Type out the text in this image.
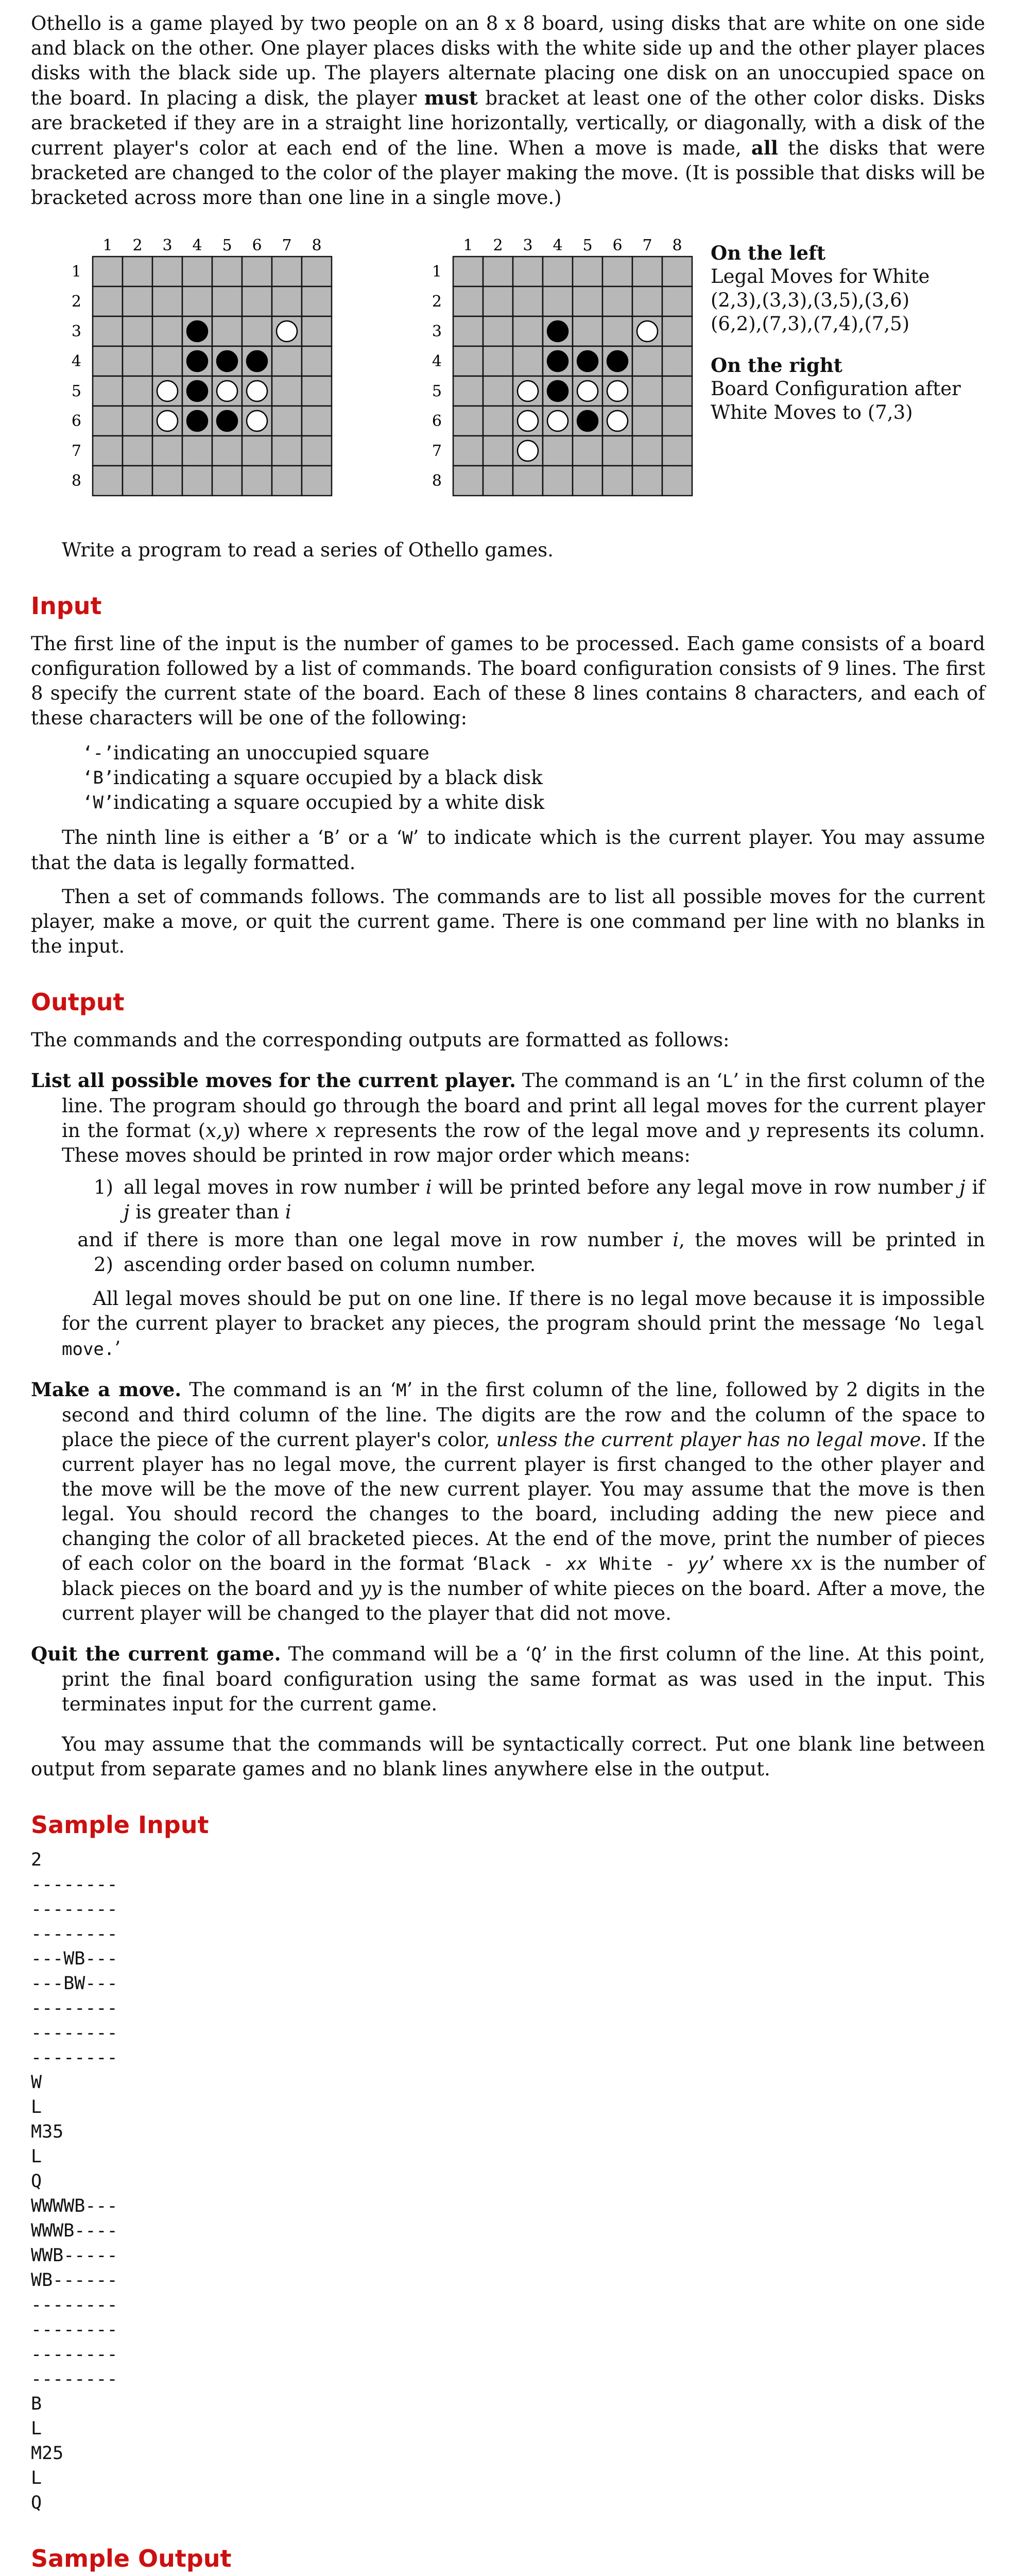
Othello is a game played by two people on an 8 x 8 board, using disks that are white on one side and black on the other. One player places disks with the white side up and the other player places disks with the black side up. The players alternate placing one disk on an unoccupied space on the board. In placing a disk, the player must bracket at least one of the other color disks. Disks are bracketed if they are in a straight line horizontally, vertically, or diagonally, with a disk of the current player's color at each end of the line. When a move is made, all the disks that were bracketed are changed to the color of the player making the move. (It is possible that disks will be bracketed across more than one line in a single move.)

1 2 3 4 5 6 7 8
1
2
3
4
5
6
7
8
1 2 3 4 5 6 7 8
1
2
3
4
5
6
7
8
On the left
Legal Moves for White
(2,3),(3,3),(3,5),(3,6)
(6,2),(7,3),(7,4),(7,5)
On the right
Board Configuration after
White Moves to (7,3)

Write a program to read a series of Othello games.

Input

The first line of the input is the number of games to be processed. Each game consists of a board configuration followed by a list of commands. The board configuration consists of 9 lines. The first 8 specify the current state of the board. Each of these 8 lines contains 8 characters, and each of these characters will be one of the following:

‘-’
indicating an unoccupied square
‘B’
indicating a square occupied by a black disk
‘W’
indicating a square occupied by a white disk

The ninth line is either a ‘B’ or a ‘W’ to indicate which is the current player. You may assume that the data is legally formatted.

Then a set of commands follows. The commands are to list all possible moves for the current player, make a move, or quit the current game. There is one command per line with no blanks in the input.

Output

The commands and the corresponding outputs are formatted as follows:

List all possible moves for the current player. The command is an ‘L’ in the first column of the line. The program should go through the board and print all legal moves for the current player in the format (x,y) where x represents the row of the legal move and y represents its column. These moves should be printed in row major order which means:
1) all legal moves in row number i will be printed before any legal move in row number j if j is greater than i
and 2)
if there is more than one legal move in row number i, the moves will be printed in ascending order based on column number.

All legal moves should be put on one line. If there is no legal move because it is impossible for the current player to bracket any pieces, the program should print the message ‘No legal move.’

Make a move. The command is an ‘M’ in the first column of the line, followed by 2 digits in the second and third column of the line. The digits are the row and the column of the space to place the piece of the current player's color, unless the current player has no legal move. If the current player has no legal move, the current player is first changed to the other player and the move will be the move of the new current player. You may assume that the move is then legal. You should record the changes to the board, including adding the new piece and changing the color of all bracketed pieces. At the end of the move, print the number of pieces of each color on the board in the format ‘Black - xx White - yy’ where xx is the number of black pieces on the board and yy is the number of white pieces on the board. After a move, the current player will be changed to the player that did not move.
Quit the current game. The command will be a ‘Q’ in the first column of the line. At this point, print the final board configuration using the same format as was used in the input. This terminates input for the current game.

You may assume that the commands will be syntactically correct. Put one blank line between output from separate games and no blank lines anywhere else in the output.

Sample Input
2
--------
--------
--------
---WB---
---BW---
--------
--------
--------
W
L
M35
L
Q
WWWWB---
WWWB----
WWB-----
WB------
--------
--------
--------
--------
B
L
M25
L
Q
Sample Output
